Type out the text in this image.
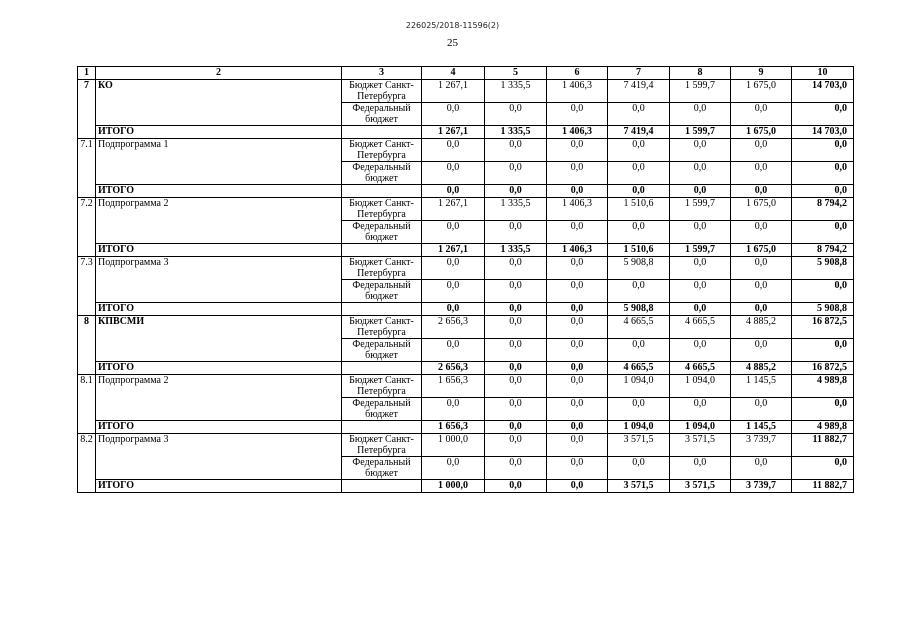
226025/2018-11596(2)
25
1	2	3	4	5	6	7	8	9	10
7	КО	Бюджет Санкт-Петербурга	1 267,1	1 335,5	1 406,3	7 419,4	1 599,7	1 675,0	14 703,0
		Федеральный бюджет	0,0	0,0	0,0	0,0	0,0	0,0	0,0
	ИТОГО		1 267,1	1 335,5	1 406,3	7 419,4	1 599,7	1 675,0	14 703,0
7.1	Подпрограмма 1	Бюджет Санкт-Петербурга	0,0	0,0	0,0	0,0	0,0	0,0	0,0
		Федеральный бюджет	0,0	0,0	0,0	0,0	0,0	0,0	0,0
	ИТОГО		0,0	0,0	0,0	0,0	0,0	0,0	0,0
7.2	Подпрограмма 2	Бюджет Санкт-Петербурга	1 267,1	1 335,5	1 406,3	1 510,6	1 599,7	1 675,0	8 794,2
		Федеральный бюджет	0,0	0,0	0,0	0,0	0,0	0,0	0,0
	ИТОГО		1 267,1	1 335,5	1 406,3	1 510,6	1 599,7	1 675,0	8 794,2
7.3	Подпрограмма 3	Бюджет Санкт-Петербурга	0,0	0,0	0,0	5 908,8	0,0	0,0	5 908,8
		Федеральный бюджет	0,0	0,0	0,0	0,0	0,0	0,0	0,0
	ИТОГО		0,0	0,0	0,0	5 908,8	0,0	0,0	5 908,8
8	КПВСМИ	Бюджет Санкт-Петербурга	2 656,3	0,0	0,0	4 665,5	4 665,5	4 885,2	16 872,5
		Федеральный бюджет	0,0	0,0	0,0	0,0	0,0	0,0	0,0
	ИТОГО		2 656,3	0,0	0,0	4 665,5	4 665,5	4 885,2	16 872,5
8.1	Подпрограмма 2	Бюджет Санкт-Петербурга	1 656,3	0,0	0,0	1 094,0	1 094,0	1 145,5	4 989,8
		Федеральный бюджет	0,0	0,0	0,0	0,0	0,0	0,0	0,0
	ИТОГО		1 656,3	0,0	0,0	1 094,0	1 094,0	1 145,5	4 989,8
8.2	Подпрограмма 3	Бюджет Санкт-Петербурга	1 000,0	0,0	0,0	3 571,5	3 571,5	3 739,7	11 882,7
		Федеральный бюджет	0,0	0,0	0,0	0,0	0,0	0,0	0,0
	ИТОГО		1 000,0	0,0	0,0	3 571,5	3 571,5	3 739,7	11 882,7
